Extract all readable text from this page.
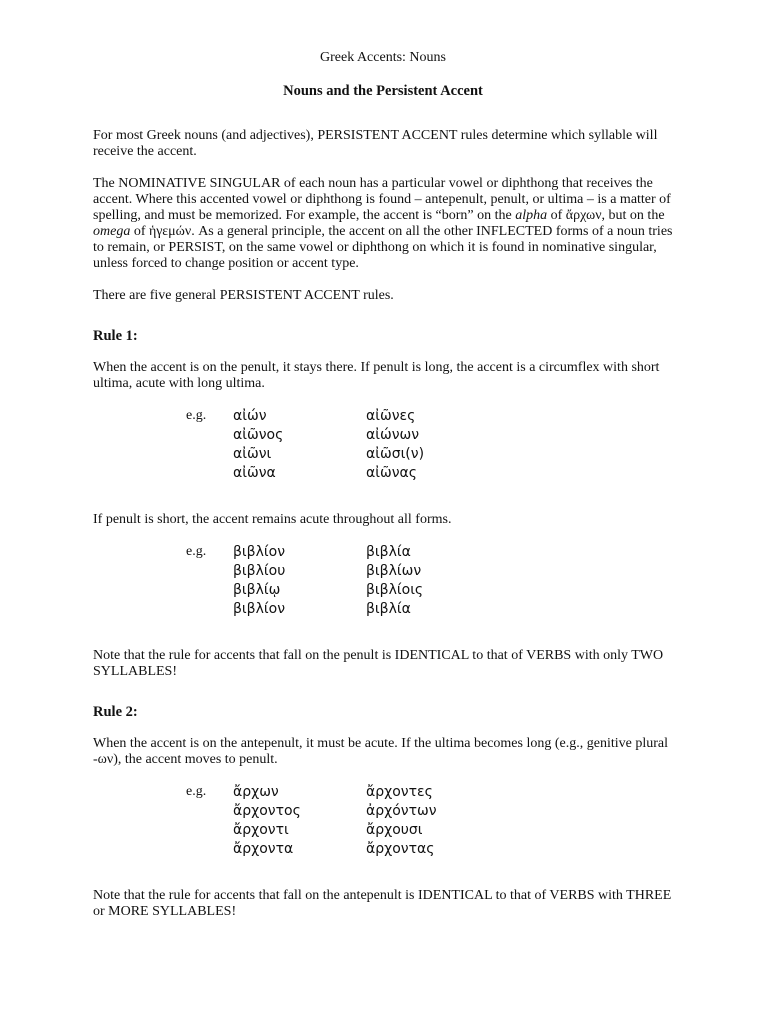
Greek Accents: Nouns

Nouns and the Persistent Accent

For most Greek nouns (and adjectives), PERSISTENT ACCENT rules determine which syllable will receive the accent.

The NOMINATIVE SINGULAR of each noun has a particular vowel or diphthong that receives the accent. Where this accented vowel or diphthong is found – antepenult, penult, or ultima – is a matter of spelling, and must be memorized. For example, the accent is “born” on the alpha of ἄρχων, but on the omega of ἡγεμών. As a general principle, the accent on all the other INFLECTED forms of a noun tries to remain, or PERSIST, on the same vowel or diphthong on which it is found in nominative singular, unless forced to change position or accent type.

There are five general PERSISTENT ACCENT rules.

Rule 1:

When the accent is on the penult, it stays there. If penult is long, the accent is a circumflex with short ultima, acute with long ultima.

e.g.	αἰών	αἰῶνες
αἰῶνος	αἰώνων
αἰῶνι	αἰῶσι(ν)
αἰῶνα	αἰῶνας

If penult is short, the accent remains acute throughout all forms.

e.g.	βιβλίον	βιβλία
βιβλίου	βιβλίων
βιβλίῳ	βιβλίοις
βιβλίον	βιβλία

Note that the rule for accents that fall on the penult is IDENTICAL to that of VERBS with only TWO SYLLABLES!

Rule 2:

When the accent is on the antepenult, it must be acute. If the ultima becomes long (e.g., genitive plural -ων), the accent moves to penult.

e.g.	ἄρχων	ἄρχοντες
ἄρχοντος	ἀρχόντων
ἄρχοντι	ἄρχουσι
ἄρχοντα	ἄρχοντας

Note that the rule for accents that fall on the antepenult is IDENTICAL to that of VERBS with THREE or MORE SYLLABLES!
